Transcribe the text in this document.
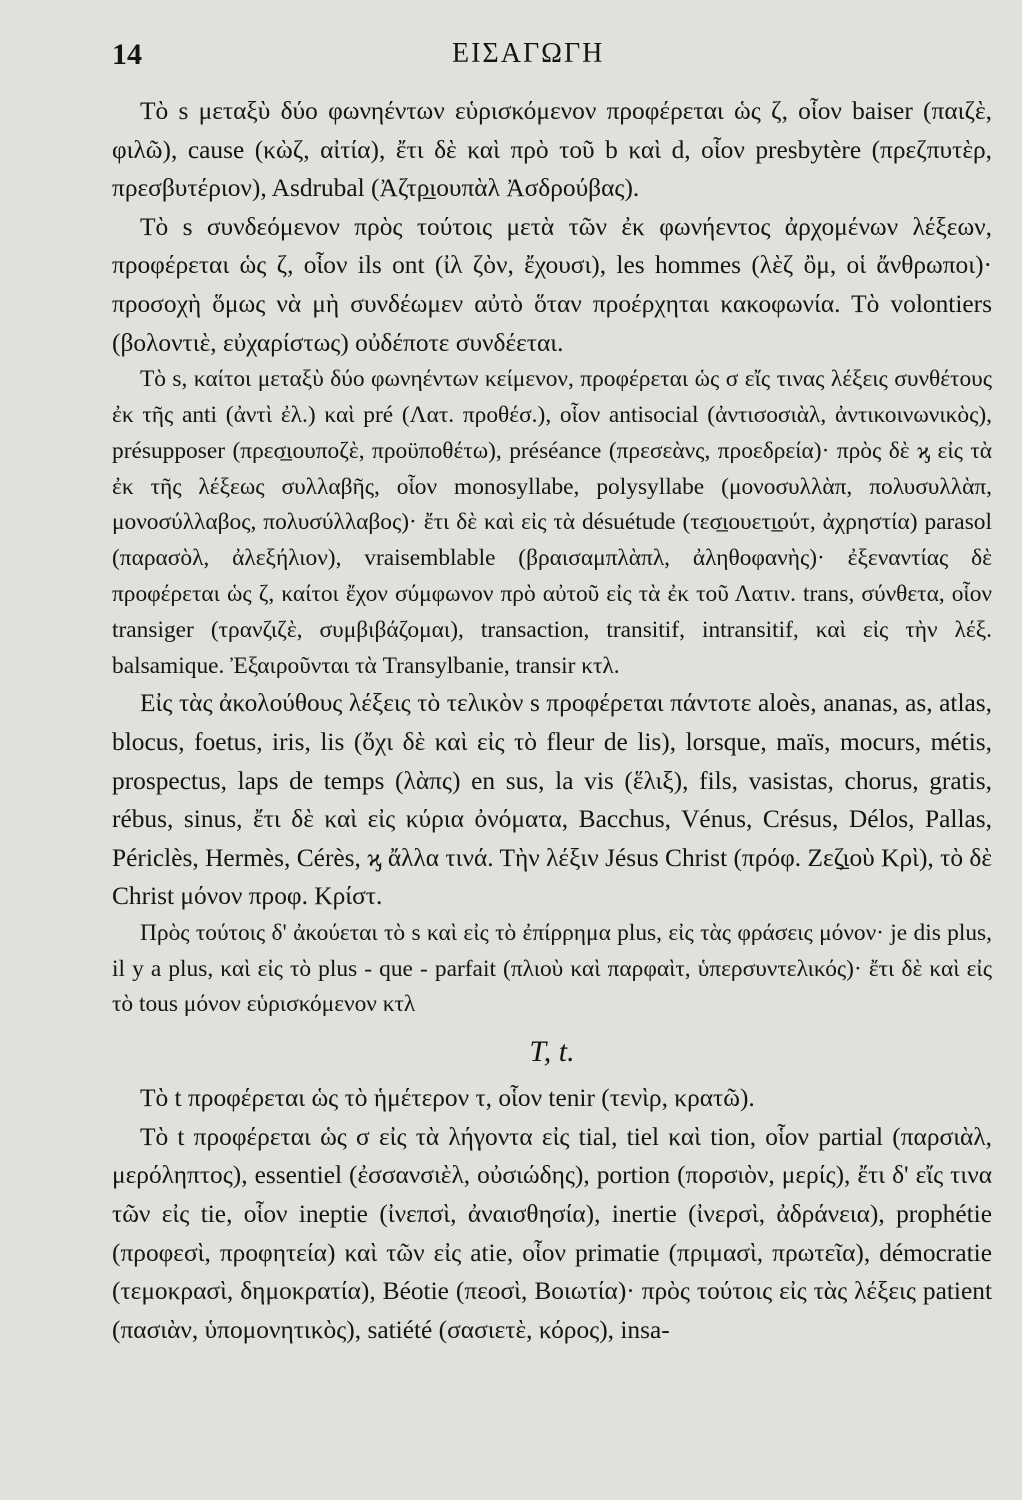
14	ΕΙΣΑΓΩΓΗ

Τὸ s μεταξὺ δύο φωνηέντων εὑρισκόμενον προφέρεται ὡς ζ, οἷον baiser (παιζὲ, φιλῶ), cause (κὼζ, αἰτία), ἔτι δὲ καὶ πρὸ τοῦ b καὶ d, οἷον presbytère (πρεζπυτὲρ, πρεσβυτέριον), Asdrubal (Ἀζτρ̲ιουπὰλ Ἀσδρούβας).

Τὸ s συνδεόμενον πρὸς τούτοις μετὰ τῶν ἐκ φωνήεντος ἀρχομένων λέξεων, προφέρεται ὡς ζ, οἷον ils ont (ἰλ ζὸν, ἔχουσι), les hommes (λὲζ ὂμ, οἱ ἄνθρωποι)· προσοχὴ ὅμως νὰ μὴ συνδέωμεν αὐτὸ ὅταν προέρχηται κακοφωνία. Τὸ volontiers (βολοντιὲ, εὐχαρίστως) οὐδέποτε συνδέεται.

Τὸ s, καίτοι μεταξὺ δύο φωνηέντων κείμενον, προφέρεται ὡς σ εἴς τινας λέξεις συνθέτους ἐκ τῆς anti (ἀντὶ ἐλ.) καὶ pré (Λατ. προθέσ.), οἷον antisocial (ἀντισοσιὰλ, ἀντικοινωνικὸς), présupposer (πρεσ̲ιουποζὲ, προϋποθέτω), préséance (πρεσεὰνς, προεδρεία)· πρὸς δὲ ϗ εἰς τὰ ἐκ τῆς λέξεως συλλαβῆς, οἷον monosyllabe, polysyllabe (μονοσυλλὰπ, πολυσυλλὰπ, μονοσύλλαβος, πολυσύλλαβος)· ἔτι δὲ καὶ εἰς τὰ désuétude (τεσ̲ιουετι̲ούτ, ἀχρηστία) parasol (παρασὸλ, ἀλεξήλιον), vraisemblable (βραισαμπλὰπλ, ἀληθοφανὴς)· ἐξεναντίας δὲ προφέρεται ὡς ζ, καίτοι ἔχον σύμφωνον πρὸ αὐτοῦ εἰς τὰ ἐκ τοῦ Λατιν. trans, σύνθετα, οἷον transiger (τρανζιζὲ, συμβιβάζομαι), transaction, transitif, intransitif, καὶ εἰς τὴν λέξ. balsamique. Ἐξαιροῦνται τὰ Transylbanie, transir κτλ.

Εἰς τὰς ἀκολούθους λέξεις τὸ τελικὸν s προφέρεται πάντοτε aloès, ananas, as, atlas, blocus, foetus, iris, lis (ὄχι δὲ καὶ εἰς τὸ fleur de lis), lorsque, maïs, mocurs, métis, prospectus, laps de temps (λὰπς) en sus, la vis (ἕλιξ), fils, vasistas, chorus, gratis, rébus, sinus, ἔτι δὲ καὶ εἰς κύρια ὀνόματα, Bacchus, Vénus, Crésus, Délos, Pallas, Périclès, Hermès, Cérès, ϗ ἄλλα τινά. Τὴν λέξιν Jésus Christ (πρόφ. Ζεζ̲ιοὺ Κρὶ), τὸ δὲ Christ μόνον προφ. Κρίστ.

Πρὸς τούτοις δ' ἀκούεται τὸ s καὶ εἰς τὸ ἐπίρρημα plus, εἰς τὰς φράσεις μόνον· je dis plus, il y a plus, καὶ εἰς τὸ plus - que - parfait (πλιοὺ καὶ παρφαὶτ, ὑπερσυντελικός)· ἔτι δὲ καὶ εἰς τὸ tous μόνον εὑρισκόμενον κτλ

T, t.

Τὸ t προφέρεται ὡς τὸ ἡμέτερον τ, οἷον tenir (τενὶρ, κρατῶ).

Τὸ t προφέρεται ὡς σ εἰς τὰ λήγοντα εἰς tial, tiel καὶ tion, οἷον partial (παρσιὰλ, μερόληπτος), essentiel (ἐσσανσιὲλ, οὐσιώδης), portion (πορσιὸν, μερίς), ἔτι δ' εἴς τινα τῶν εἰς tie, οἷον ineptie (ἰνεπσὶ, ἀναισθησία), inertie (ἰνερσὶ, ἀδράνεια), prophétie (προφεσὶ, προφητεία) καὶ τῶν εἰς atie, οἷον primatie (πριμασὶ, πρωτεῖα), démocratie (τεμοκρασὶ, δημοκρατία), Béotie (πεοσὶ, Βοιωτία)· πρὸς τούτοις εἰς τὰς λέξεις patient (πασιὰν, ὑπομονητικὸς), satiété (σασιετὲ, κόρος), insa-
